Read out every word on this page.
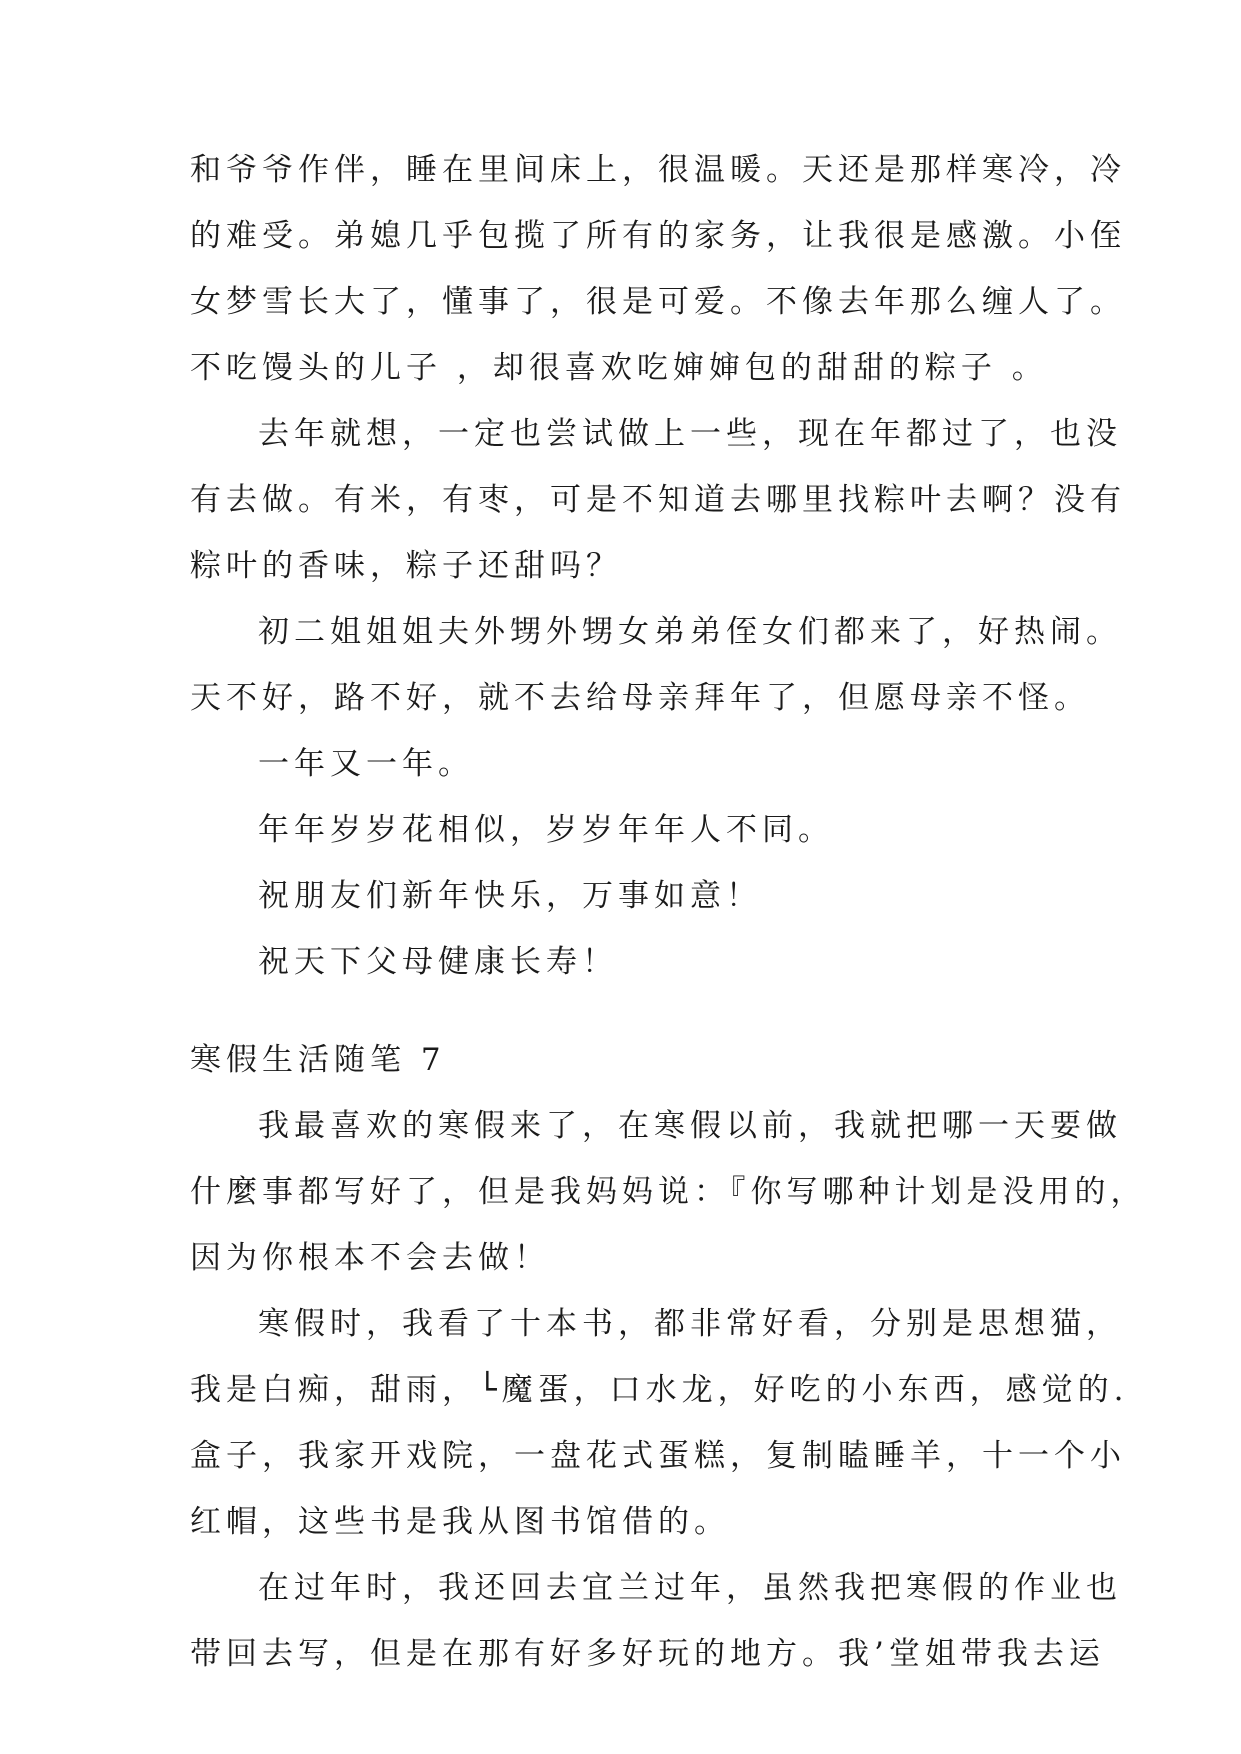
和爷爷作伴，睡在里间床上，很温暖。天还是那样寒冷，冷
的难受。弟媳几乎包揽了所有的家务，让我很是感激。小侄
女梦雪长大了，懂事了，很是可爱。不像去年那么缠人了。
不吃馒头的儿子 ，却很喜欢吃婶婶包的甜甜的粽子 。
去年就想，一定也尝试做上一些，现在年都过了，也没
有去做。有米，有枣，可是不知道去哪里找粽叶去啊？没有
粽叶的香味，粽子还甜吗？
初二姐姐姐夫外甥外甥女弟弟侄女们都来了，好热闹。
天不好，路不好，就不去给母亲拜年了，但愿母亲不怪。
一年又一年。
年年岁岁花相似，岁岁年年人不同。
祝朋友们新年快乐，万事如意！
祝天下父母健康长寿！
寒假生活随笔 7
我最喜欢的寒假来了，在寒假以前，我就把哪一天要做
什麼事都写好了，但是我妈妈说：『你写哪种计划是没用的，
因为你根本不会去做！
寒假时，我看了十本书，都非常好看，分别是思想猫，
我是白痴，甜雨，└魔蛋，口水龙，好吃的小东西，感觉的.
盒子，我家开戏院，一盘花式蛋糕，复制瞌睡羊，十一个小
红帽，这些书是我从图书馆借的。
在过年时，我还回去宜兰过年，虽然我把寒假的作业也
带回去写，但是在那有好多好玩的地方。我’堂姐带我去运
